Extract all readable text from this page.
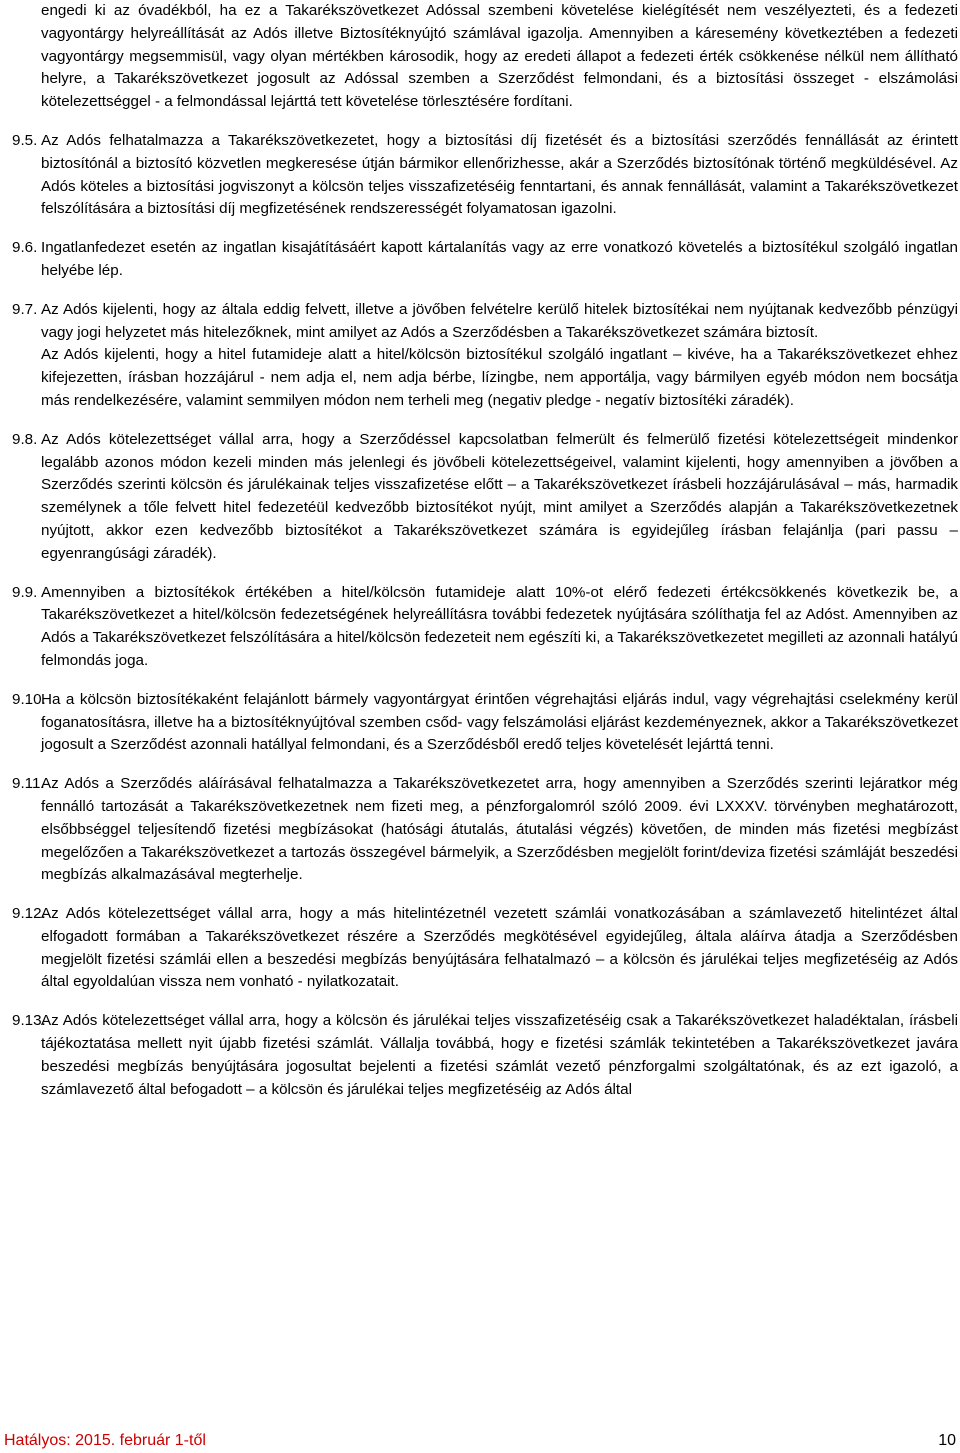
engedi ki az óvadékból, ha ez a Takarékszövetkezet Adóssal szembeni követelése kielégítését nem veszélyezteti, és a fedezeti vagyontárgy helyreállítását az Adós illetve Biztosítéknyújtó számlával igazolja. Amennyiben a káresemény következtében a fedezeti vagyontárgy megsemmisül, vagy olyan mértékben károsodik, hogy az eredeti állapot a fedezeti érték csökkenése nélkül nem állítható helyre, a Takarékszövetkezet jogosult az Adóssal szemben a Szerződést felmondani, és a biztosítási összeget - elszámolási kötelezettséggel - a felmondással lejárttá tett követelése törlesztésére fordítani.

9.5. Az Adós felhatalmazza a Takarékszövetkezetet, hogy a biztosítási díj fizetését és a biztosítási szerződés fennállását az érintett biztosítónál a biztosító közvetlen megkeresése útján bármikor ellenőrizhesse, akár a Szerződés biztosítónak történő megküldésével. Az Adós köteles a biztosítási jogviszonyt a kölcsön teljes visszafizetéséig fenntartani, és annak fennállását, valamint a Takarékszövetkezet felszólítására a biztosítási díj megfizetésének rendszerességét folyamatosan igazolni.

9.6. Ingatlanfedezet esetén az ingatlan kisajátításáért kapott kártalanítás vagy az erre vonatkozó követelés a biztosítékul szolgáló ingatlan helyébe lép.

9.7. Az Adós kijelenti, hogy az általa eddig felvett, illetve a jövőben felvételre kerülő hitelek biztosítékai nem nyújtanak kedvezőbb pénzügyi vagy jogi helyzetet más hitelezőknek, mint amilyet az Adós a Szerződésben a Takarékszövetkezet számára biztosít.

Az Adós kijelenti, hogy a hitel futamideje alatt a hitel/kölcsön biztosítékul szolgáló ingatlant – kivéve, ha a Takarékszövetkezet ehhez kifejezetten, írásban hozzájárul - nem adja el, nem adja bérbe, lízingbe, nem apportálja, vagy bármilyen egyéb módon nem bocsátja más rendelkezésére, valamint semmilyen módon nem terheli meg (negativ pledge - negatív biztosítéki záradék).

9.8. Az Adós kötelezettséget vállal arra, hogy a Szerződéssel kapcsolatban felmerült és felmerülő fizetési kötelezettségeit mindenkor legalább azonos módon kezeli minden más jelenlegi és jövőbeli kötelezettségeivel, valamint kijelenti, hogy amennyiben a jövőben a Szerződés szerinti kölcsön és járulékainak teljes visszafizetése előtt – a Takarékszövetkezet írásbeli hozzájárulásával – más, harmadik személynek a tőle felvett hitel fedezetéül kedvezőbb biztosítékot nyújt, mint amilyet a Szerződés alapján a Takarékszövetkezetnek nyújtott, akkor ezen kedvezőbb biztosítékot a Takarékszövetkezet számára is egyidejűleg írásban felajánlja (pari passu – egyenrangúsági záradék).

9.9. Amennyiben a biztosítékok értékében a hitel/kölcsön futamideje alatt 10%-ot elérő fedezeti értékcsökkenés következik be, a Takarékszövetkezet a hitel/kölcsön fedezetségének helyreállításra további fedezetek nyújtására szólíthatja fel az Adóst. Amennyiben az Adós a Takarékszövetkezet felszólítására a hitel/kölcsön fedezeteit nem egészíti ki, a Takarékszövetkezetet megilleti az azonnali hatályú felmondás joga.

9.10.

Ha a kölcsön biztosítékaként felajánlott bármely vagyontárgyat érintően végrehajtási eljárás indul, vagy végrehajtási cselekmény kerül foganatosításra, illetve ha a biztosítéknyújtóval szemben csőd- vagy felszámolási eljárást kezdeményeznek, akkor a Takarékszövetkezet jogosult a Szerződést azonnali hatállyal felmondani, és a Szerződésből eredő teljes követelését lejárttá tenni.

9.11.

Az Adós a Szerződés aláírásával felhatalmazza a Takarékszövetkezetet arra, hogy amennyiben a Szerződés szerinti lejáratkor még fennálló tartozását a Takarékszövetkezetnek nem fizeti meg, a pénzforgalomról szóló 2009. évi LXXXV. törvényben meghatározott, elsőbbséggel teljesítendő fizetési megbízásokat (hatósági átutalás, átutalási végzés) követően, de minden más fizetési megbízást megelőzően a Takarékszövetkezet a tartozás összegével bármelyik, a Szerződésben megjelölt forint/deviza fizetési számláját beszedési megbízás alkalmazásával megterhelje.

9.12.

Az Adós kötelezettséget vállal arra, hogy a más hitelintézetnél vezetett számlái vonatkozásában a számlavezető hitelintézet által elfogadott formában a Takarékszövetkezet részére a Szerződés megkötésével egyidejűleg, általa aláírva átadja a Szerződésben megjelölt fizetési számlái ellen a beszedési megbízás benyújtására felhatalmazó – a kölcsön és járulékai teljes megfizetéséig az Adós által egyoldalúan vissza nem vonható - nyilatkozatait.

9.13.

Az Adós kötelezettséget vállal arra, hogy a kölcsön és járulékai teljes visszafizetéséig csak a Takarékszövetkezet haladéktalan, írásbeli tájékoztatása mellett nyit újabb fizetési számlát. Vállalja továbbá, hogy e fizetési számlák tekintetében a Takarékszövetkezet javára beszedési megbízás benyújtására jogosultat bejelenti a fizetési számlát vezető pénzforgalmi szolgáltatónak, és az ezt igazoló, a számlavezető által befogadott – a kölcsön és járulékai teljes megfizetéséig az Adós által

Hatályos: 2015. február 1-től	10
